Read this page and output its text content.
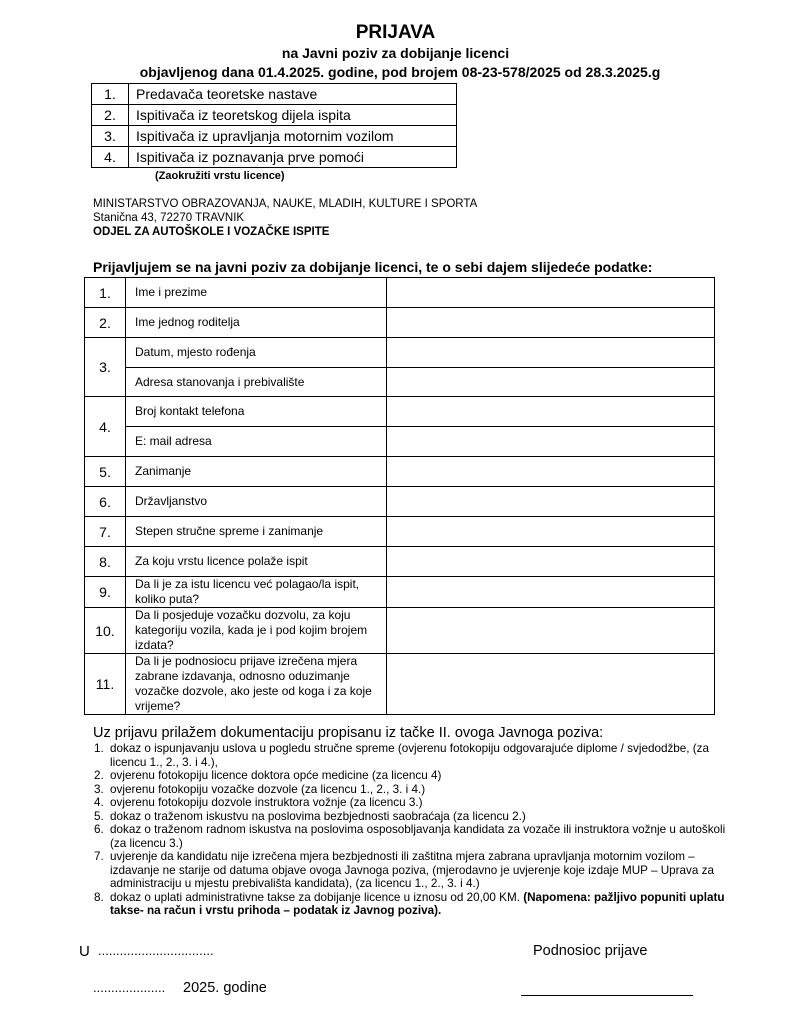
PRIJAVA
na Javni poziv za dobijanje licenci
objavljenog dana 01.4.2025. godine, pod brojem 08-23-578/2025 od 28.3.2025.g
1.	Predavača teoretske nastave
2.	Ispitivača iz teoretskog dijela ispita
3.	Ispitivača iz upravljanja motornim vozilom
4.	Ispitivača iz poznavanja prve pomoći
(Zaokružiti vrstu licence)
MINISTARSTVO OBRAZOVANJA, NAUKE, MLADIH, KULTURE I SPORTA
Stanična 43, 72270 TRAVNIK
ODJEL ZA AUTOŠKOLE I VOZAČKE ISPITE
Prijavljujem se na javni poziv za dobijanje licenci, te o sebi dajem slijedeće podatke:
1.	Ime i prezime	
2.	Ime jednog roditelja	
3.	Datum, mjesto rođenja	
	Adresa stanovanja i prebivalište	
4.	Broj kontakt telefona	
	E: mail adresa	
5.	Zanimanje	
6.	Državljanstvo	
7.	Stepen stručne spreme i zanimanje	
8.	Za koju vrstu licence polaže ispit	
9.	Da li je za istu licencu već polagao/la ispit, koliko puta?	
10.	Da li posjeduje vozačku dozvolu, za koju kategoriju vozila, kada je i pod kojim brojem izdata?	
11.	Da li je podnosiocu prijave izrečena mjera zabrane izdavanja, odnosno oduzimanje vozačke dozvole, ako jeste od koga i za koje vrijeme?	
Uz prijavu prilažem dokumentaciju propisanu iz tačke II. ovoga Javnoga poziva:
1. dokaz o ispunjavanju uslova u pogledu stručne spreme (ovjerenu fotokopiju odgovarajuće diplome / svjedodžbe, (za licencu 1., 2., 3. i 4.),
2. ovjerenu fotokopiju licence doktora opće medicine (za licencu 4)
3. ovjerenu fotokopiju vozačke dozvole (za licencu 1., 2., 3. i 4.)
4. ovjerenu fotokopiju dozvole instruktora vožnje (za licencu 3.)
5. dokaz o traženom iskustvu na poslovima bezbjednosti saobraćaja (za licencu 2.)
6. dokaz o traženom radnom iskustva na poslovima osposobljavanja kandidata za vozače ili instruktora vožnje u autoškoli (za licencu 3.)
7. uvjerenje da kandidatu nije izrečena mjera bezbjednosti ili zaštitna mjera zabrana upravljanja motornim vozilom – izdavanje ne starije od datuma objave ovoga Javnoga poziva, (mjerodavno je uvjerenje koje izdaje MUP – Uprava za administraciju u mjestu prebivališta kandidata), (za licencu 1., 2., 3. i 4.)
8. dokaz o uplati administrativne takse za dobijanje licence u iznosu od 20,00 KM. (Napomena: pažljivo popuniti uplatu takse- na račun i vrstu prihoda – podatak iz Javnog poziva).
U ................................	Podnosioc prijave
.................... 2025. godine
